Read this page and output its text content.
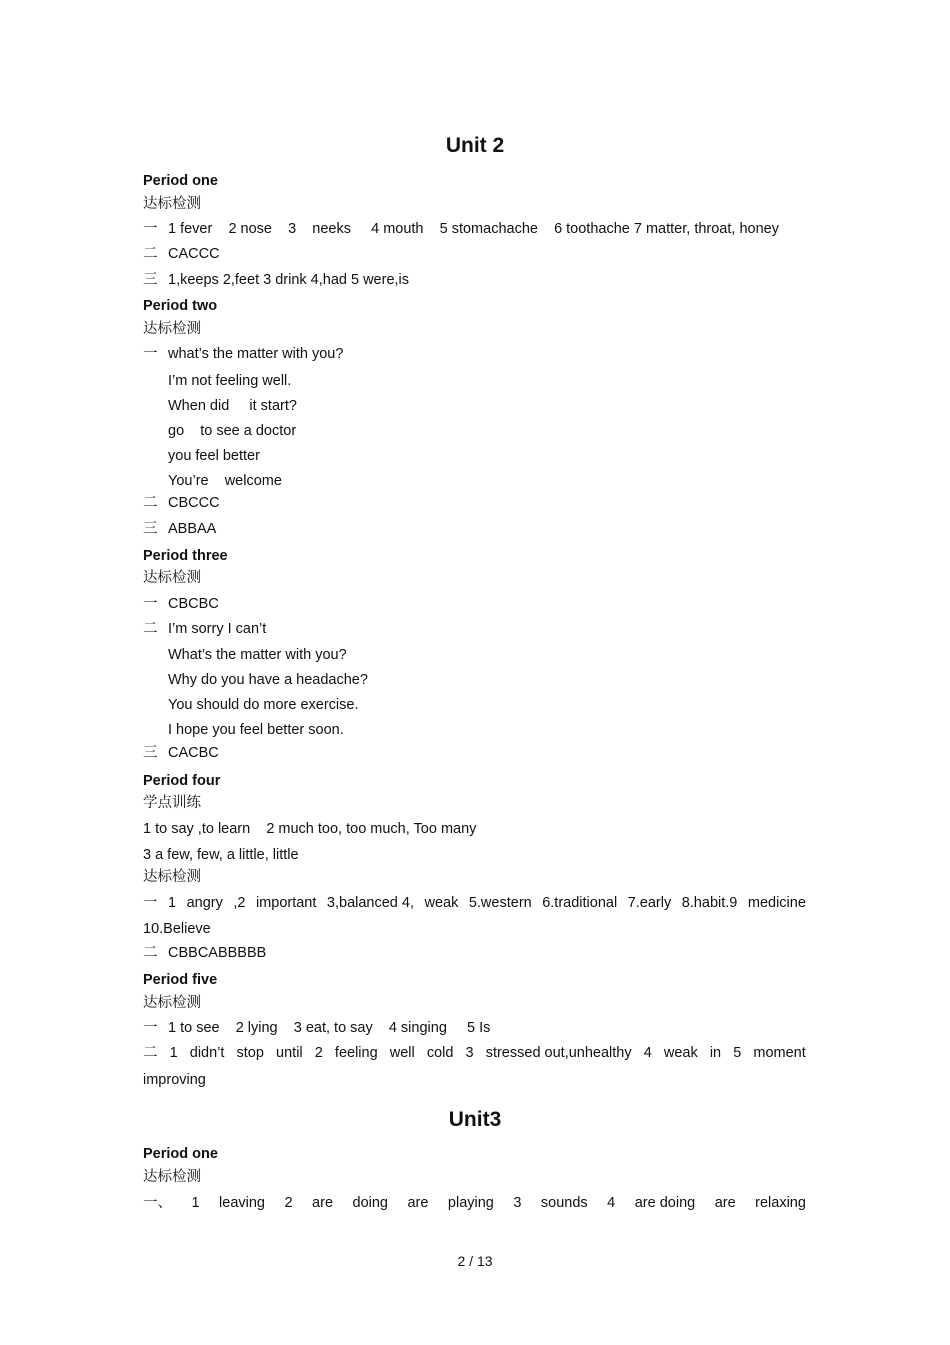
Unit 2
Period one
达标检测
一 1 fever    2 nose    3    neeks     4 mouth    5 stomachache    6 toothache 7 matter, throat, honey
二 CACCC
三 1,keeps 2,feet 3 drink 4,had 5 were,is
Period two
达标检测
一 what’s the matter with you?
I’m not feeling well.
When did     it start?
go    to see a doctor
you feel better
You’re    welcome
二 CBCCC
三 ABBAA
Period three
达标检测
一 CBCBC
二 I’m sorry I can’t
What’s the matter with you?
Why do you have a headache?
You should do more exercise.
I hope you feel better soon.
三 CACBC
Period four
学点训练
1 to say ,to learn    2 much too, too much, Too many
3 a few, few, a little, little
达标检测
一 1 angry ,2 important 3,balanced 4, weak 5.western 6.traditional 7.early 8.habit.9 medicine
10.Believe
二 CBBCABBBBB
Period five
达标检测
一 1 to see    2 lying    3 eat, to say    4 singing     5 Is
二 1 didn’t stop until 2 feeling well cold 3 stressed out,unhealthy 4 weak in 5 moment
improving
Unit3
Period one
达标检测
一、 1 leaving 2 are doing are playing 3 sounds 4 are doing are relaxing
2 / 13
